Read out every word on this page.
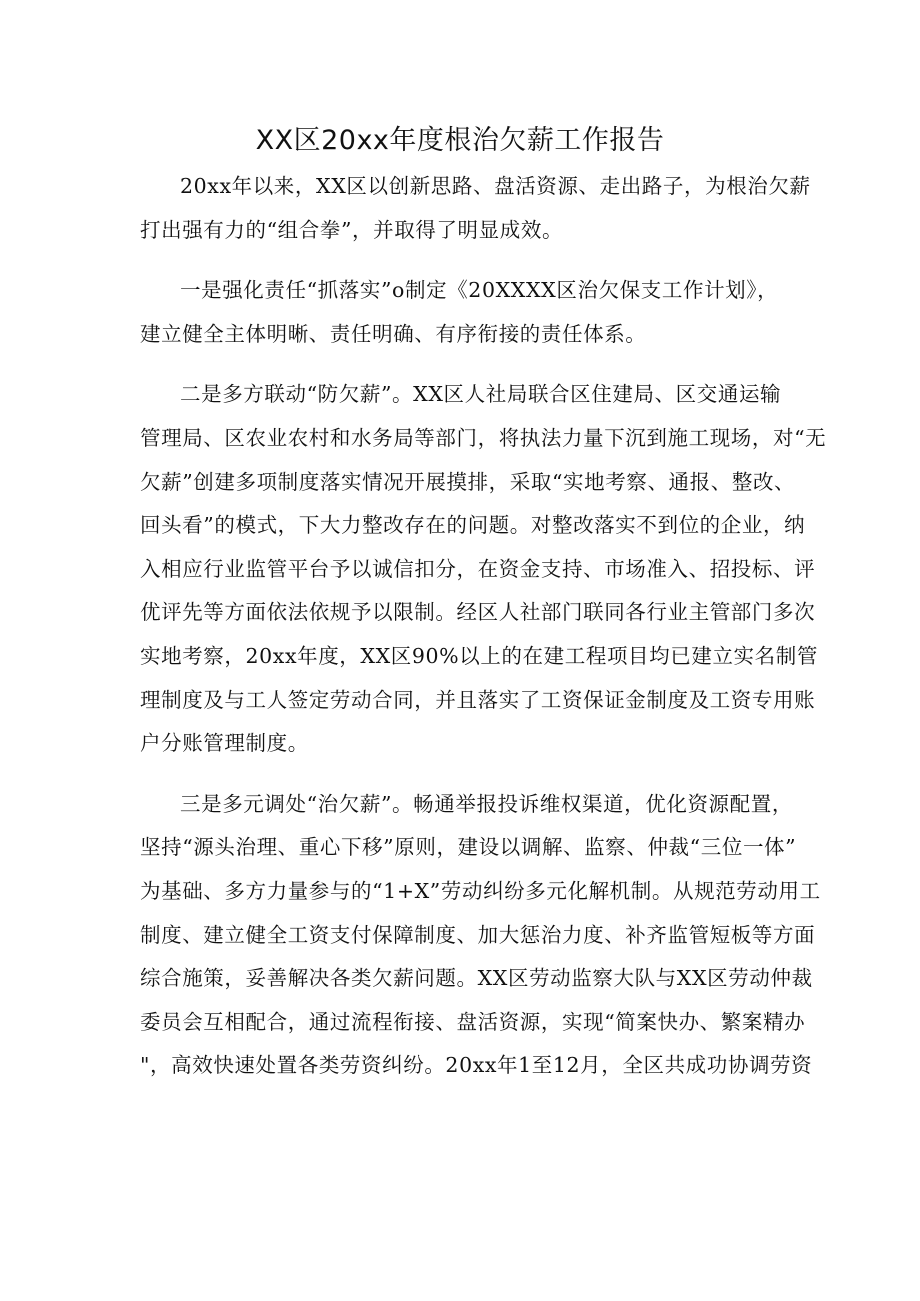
XX区20xx年度根治欠薪工作报告

20xx年以来，XX区以创新思路、盘活资源、走出路子，为根治欠薪
打出强有力的“组合拳”，并取得了明显成效。

一是强化责任“抓落实”o制定《20XXXX区治欠保支工作计划》，
建立健全主体明晰、责任明确、有序衔接的责任体系。

二是多方联动“防欠薪”。XX区人社局联合区住建局、区交通运输
管理局、区农业农村和水务局等部门，将执法力量下沉到施工现场，对“无
欠薪”创建多项制度落实情况开展摸排，采取“实地考察、通报、整改、
回头看”的模式，下大力整改存在的问题。对整改落实不到位的企业，纳
入相应行业监管平台予以诚信扣分，在资金支持、市场准入、招投标、评
优评先等方面依法依规予以限制。经区人社部门联同各行业主管部门多次
实地考察，20xx年度，XX区90%以上的在建工程项目均已建立实名制管
理制度及与工人签定劳动合同，并且落实了工资保证金制度及工资专用账
户分账管理制度。

三是多元调处“治欠薪”。畅通举报投诉维权渠道，优化资源配置，
坚持“源头治理、重心下移”原则，建设以调解、监察、仲裁“三位一体”
为基础、多方力量参与的“1+X”劳动纠纷多元化解机制。从规范劳动用工
制度、建立健全工资支付保障制度、加大惩治力度、补齐监管短板等方面
综合施策，妥善解决各类欠薪问题。XX区劳动监察大队与XX区劳动仲裁
委员会互相配合，通过流程衔接、盘活资源，实现“简案快办、繁案精办
"，高效快速处置各类劳资纠纷。20xx年1至12月，全区共成功协调劳资
